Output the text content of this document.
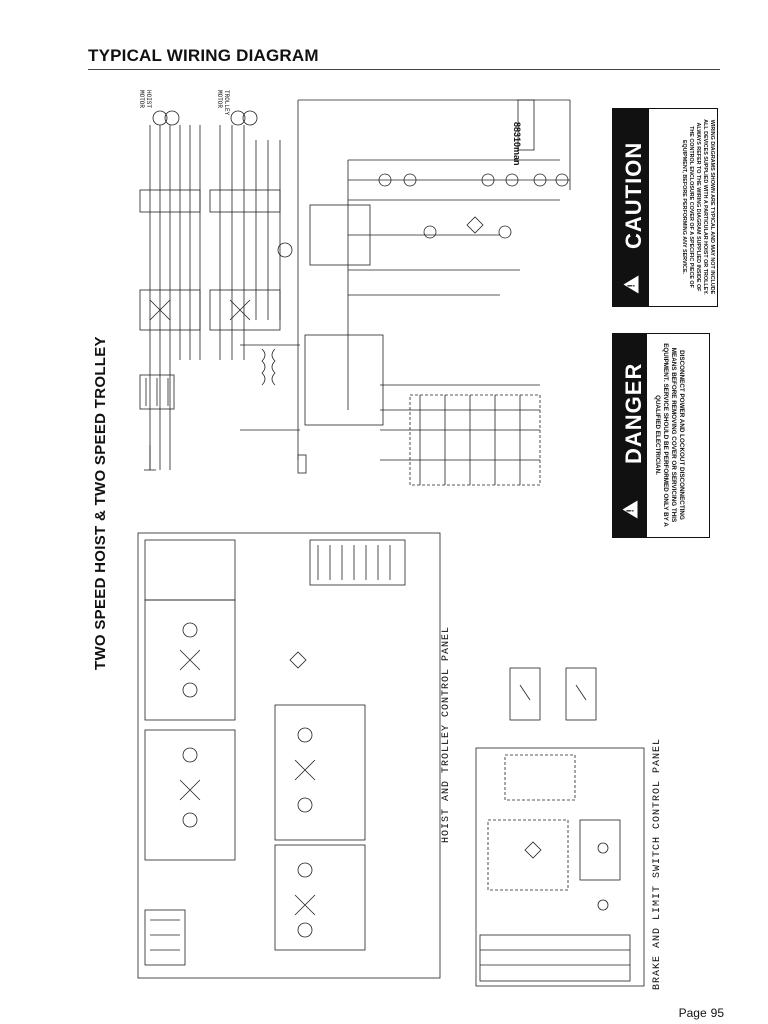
TYPICAL WIRING DIAGRAM
TWO SPEED HOIST & TWO SPEED TROLLEY
88310man
HOIST MOTOR	TROLLEY MOTOR
HOIST AND TROLLEY CONTROL PANEL
BRAKE AND LIMIT SWITCH CONTROL PANEL
!
DANGER	DISCONNECT POWER AND LOCKOUT DISCONNECTING MEANS BEFORE REMOVING COVER OR SERVICING THIS EQUIPMENT. SERVICE SHOULD BE PERFORMED ONLY BY A QUALIFIED ELECTRICIAN.
!
CAUTION	WIRING DIAGRAMS SHOWN ARE TYPICAL AND MAY NOT INCLUDE ALL DEVICES SUPPLIED WITH A PARTICULAR HOIST OR TROLLEY. ALWAYS REFER TO THE WIRING DIAGRAM SUPPLIED INSIDE OF THE CONTROL ENCLOSURE COVER OF A SPECIFIC PIECE OF EQUIPMENT, BEFORE PERFORMING ANY SERVICE.
Page 95
